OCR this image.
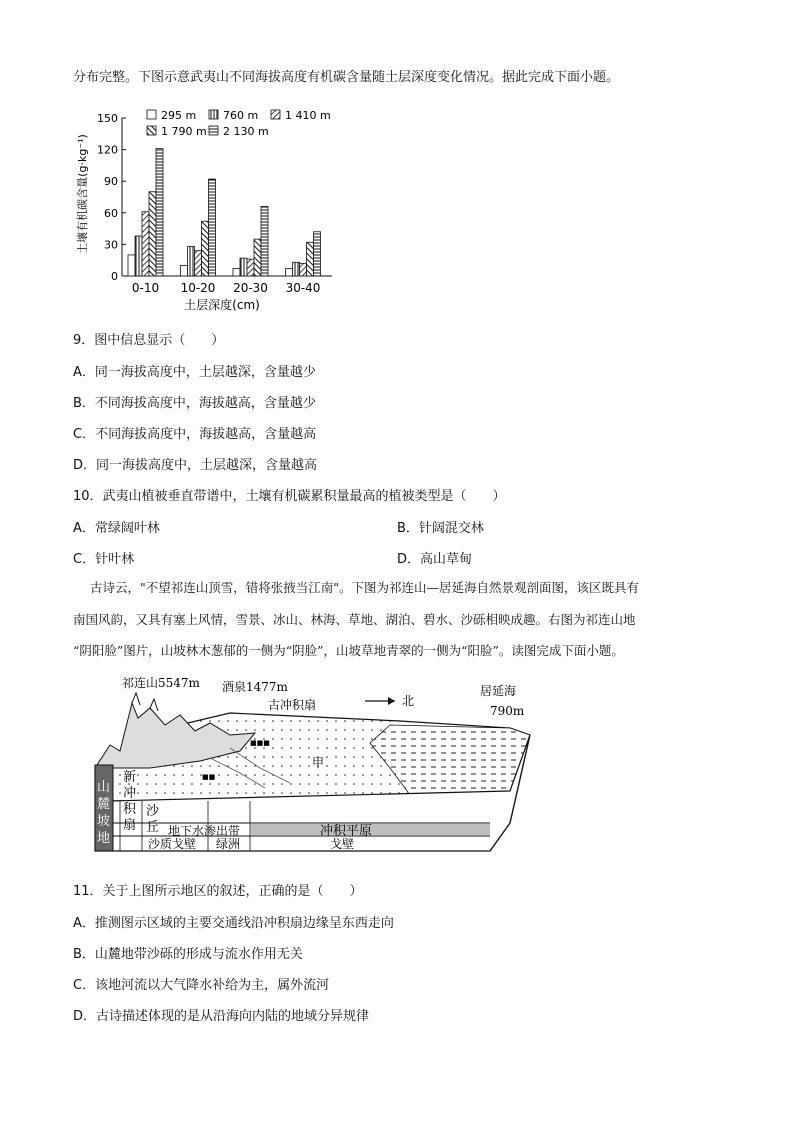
分布完整。下图示意武夷山不同海拔高度有机碳含量随土层深度变化情况。据此完成下面小题。
0
30
60
90
120
150
0-10 10-20 20-30 30-40
295 m 760 m 1 410 m
1 790 m 2 130 m
土壤有机碳含量(g·kg⁻¹)
土层深度(cm)
9．图中信息显示（　　）
A．同一海拔高度中，土层越深，含量越少
B．不同海拔高度中，海拔越高，含量越少
C．不同海拔高度中，海拔越高，含量越高
D．同一海拔高度中，土层越深，含量越高
10．武夷山植被垂直带谱中，土壤有机碳累积量最高的植被类型是（　　）
A．常绿阔叶林	B．针阔混交林
C．针叶林	D．高山草甸
古诗云，"不望祁连山顶雪，错将张掖当江南"。下图为祁连山—居延海自然景观剖面图，该区既具有
南国风韵，又具有塞上风情，雪景、冰山、林海、草地、湖泊、碧水、沙砾相映成趣。右图为祁连山地
“阴阳脸”图片，山坡林木葱郁的一侧为“阴脸”，山坡草地青翠的一侧为“阳脸”。读图完成下面小题。
祁连山5547m 酒泉1477m
古冲积扇	北
居延海
790m
甲
■■■
■■
山麓坡地
新冲积扇
沙丘 地下水渗出带	冲积平原
沙质戈壁 绿洲	戈壁
11．关于上图所示地区的叙述，正确的是（　　）
A．推测图示区域的主要交通线沿冲积扇边缘呈东西走向
B．山麓地带沙砾的形成与流水作用无关
C．该地河流以大气降水补给为主，属外流河
D．古诗描述体现的是从沿海向内陆的地域分异规律
